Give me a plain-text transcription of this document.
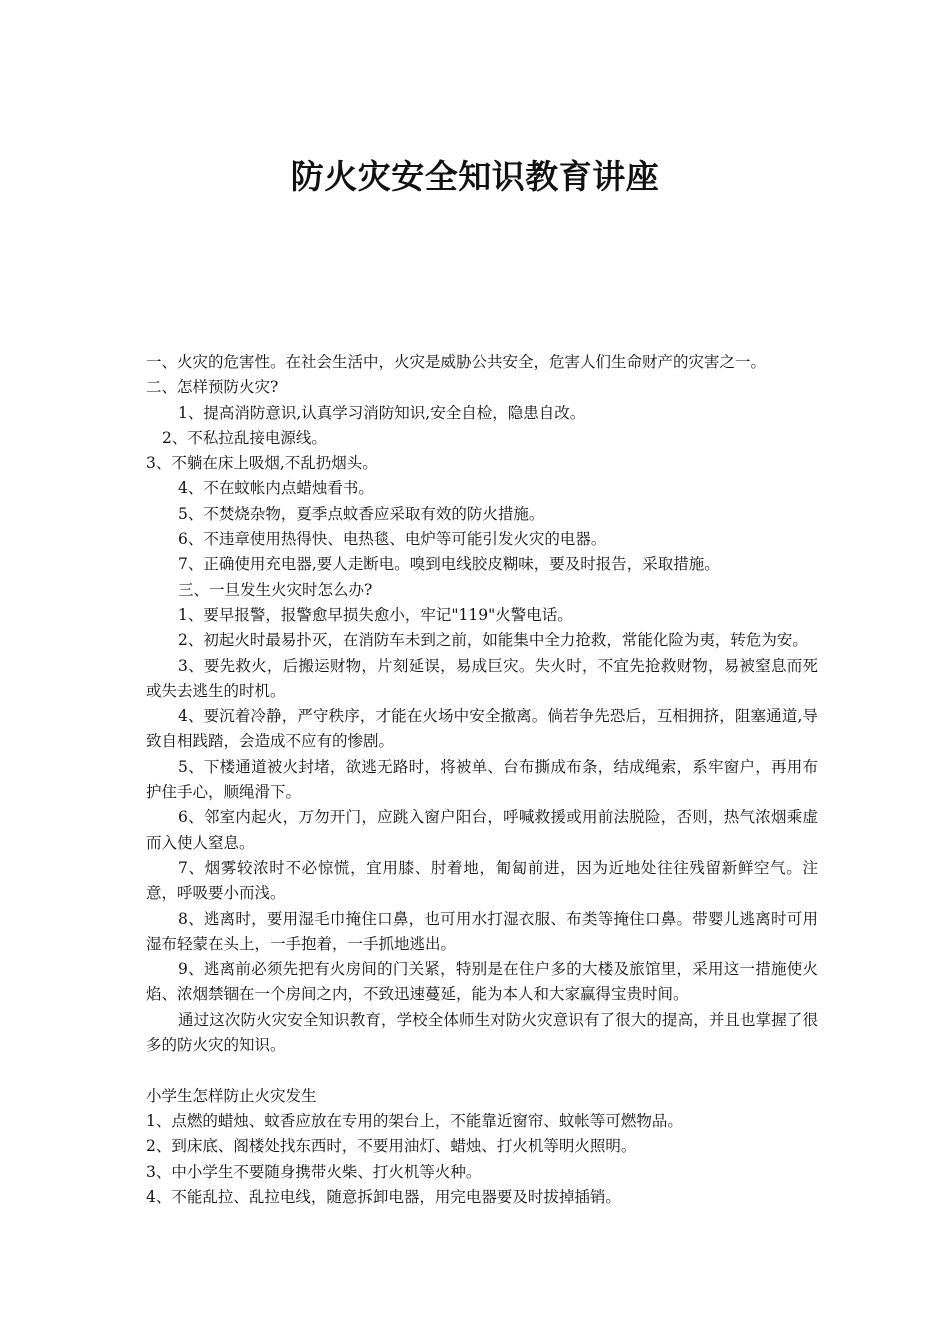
防火灾安全知识教育讲座

一、火灾的危害性。在社会生活中，火灾是威胁公共安全，危害人们生命财产的灾害之一。

二、怎样预防火灾?

1、提高消防意识,认真学习消防知识,安全自检，隐患自改。

2、不私拉乱接电源线。

3、不躺在床上吸烟,不乱扔烟头。

4、不在蚊帐内点蜡烛看书。

5、不焚烧杂物，夏季点蚊香应采取有效的防火措施。

6、不违章使用热得快、电热毯、电炉等可能引发火灾的电器。

7、正确使用充电器,要人走断电。嗅到电线胶皮糊味，要及时报告，采取措施。

三、一旦发生火灾时怎么办?

1、要早报警，报警愈早损失愈小，牢记"119"火警电话。

2、初起火时最易扑灭，在消防车未到之前，如能集中全力抢救，常能化险为夷，转危为安。

3、要先救火，后搬运财物，片刻延误，易成巨灾。失火时，不宜先抢救财物，易被窒息而死或失去逃生的时机。

4、要沉着冷静，严守秩序，才能在火场中安全撤离。倘若争先恐后，互相拥挤，阻塞通道,导致自相践踏，会造成不应有的惨剧。

5、下楼通道被火封堵，欲逃无路时，将被单、台布撕成布条，结成绳索，系牢窗户，再用布护住手心，顺绳滑下。

6、邻室内起火，万勿开门，应跳入窗户阳台，呼喊救援或用前法脱险，否则，热气浓烟乘虚而入使人窒息。

7、烟雾较浓时不必惊慌，宜用膝、肘着地，匍匐前进，因为近地处往往残留新鲜空气。注意，呼吸要小而浅。

8、逃离时，要用湿毛巾掩住口鼻，也可用水打湿衣服、布类等掩住口鼻。带婴儿逃离时可用湿布轻蒙在头上，一手抱着，一手抓地逃出。

9、逃离前必须先把有火房间的门关紧，特别是在住户多的大楼及旅馆里，采用这一措施使火焰、浓烟禁锢在一个房间之内，不致迅速蔓延，能为本人和大家赢得宝贵时间。

通过这次防火灾安全知识教育，学校全体师生对防火灾意识有了很大的提高，并且也掌握了很多的防火灾的知识。

小学生怎样防止火灾发生

1、点燃的蜡烛、蚊香应放在专用的架台上，不能靠近窗帘、蚊帐等可燃物品。

2、到床底、阁楼处找东西时，不要用油灯、蜡烛、打火机等明火照明。

3、中小学生不要随身携带火柴、打火机等火种。

4、不能乱拉、乱拉电线，随意拆卸电器，用完电器要及时拔掉插销。
